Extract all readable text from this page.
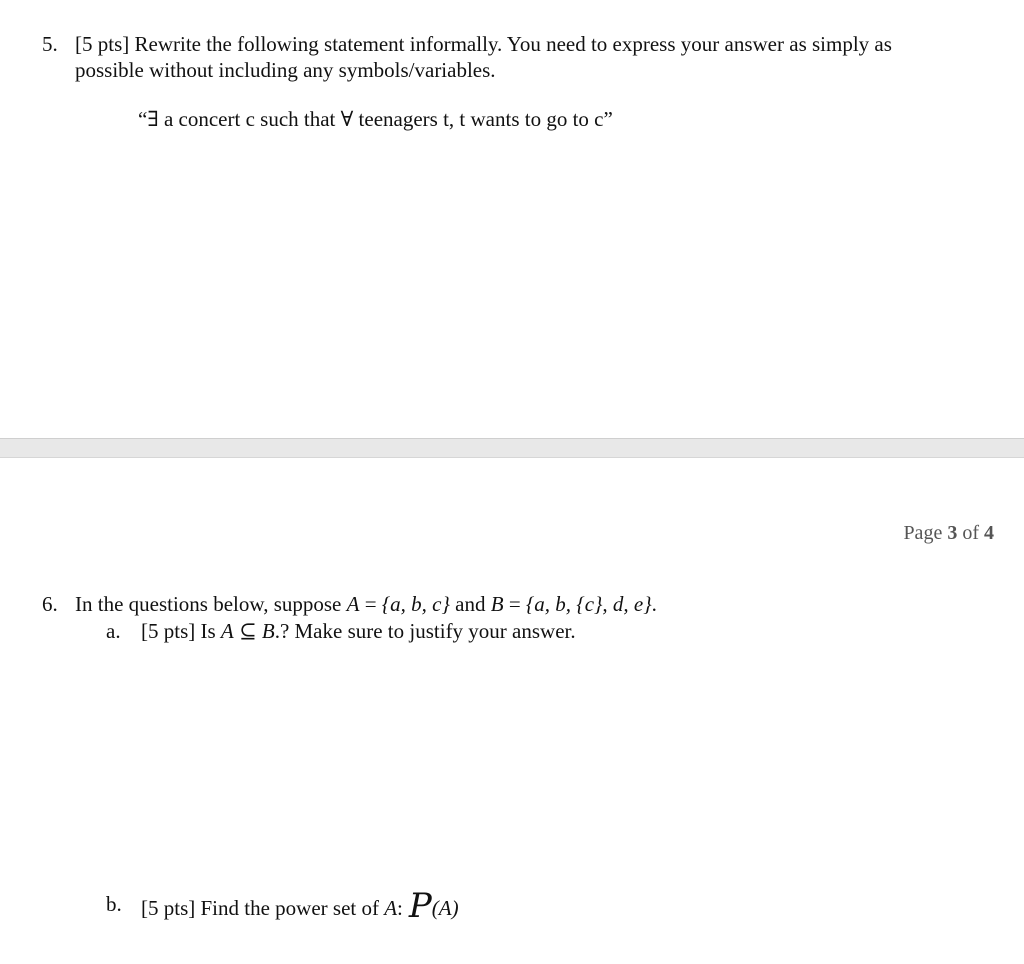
5. [5 pts] Rewrite the following statement informally. You need to express your answer as simply as
possible without including any symbols/variables.
“∃ a concert c such that ∀ teenagers t, t wants to go to c”
Page 3 of 4
6. In the questions below, suppose A = {a, b, c} and B = {a, b, {c}, d, e}.
a. [5 pts] Is A ⊆ B.? Make sure to justify your answer.
b. [5 pts] Find the power set of A: P(A)
